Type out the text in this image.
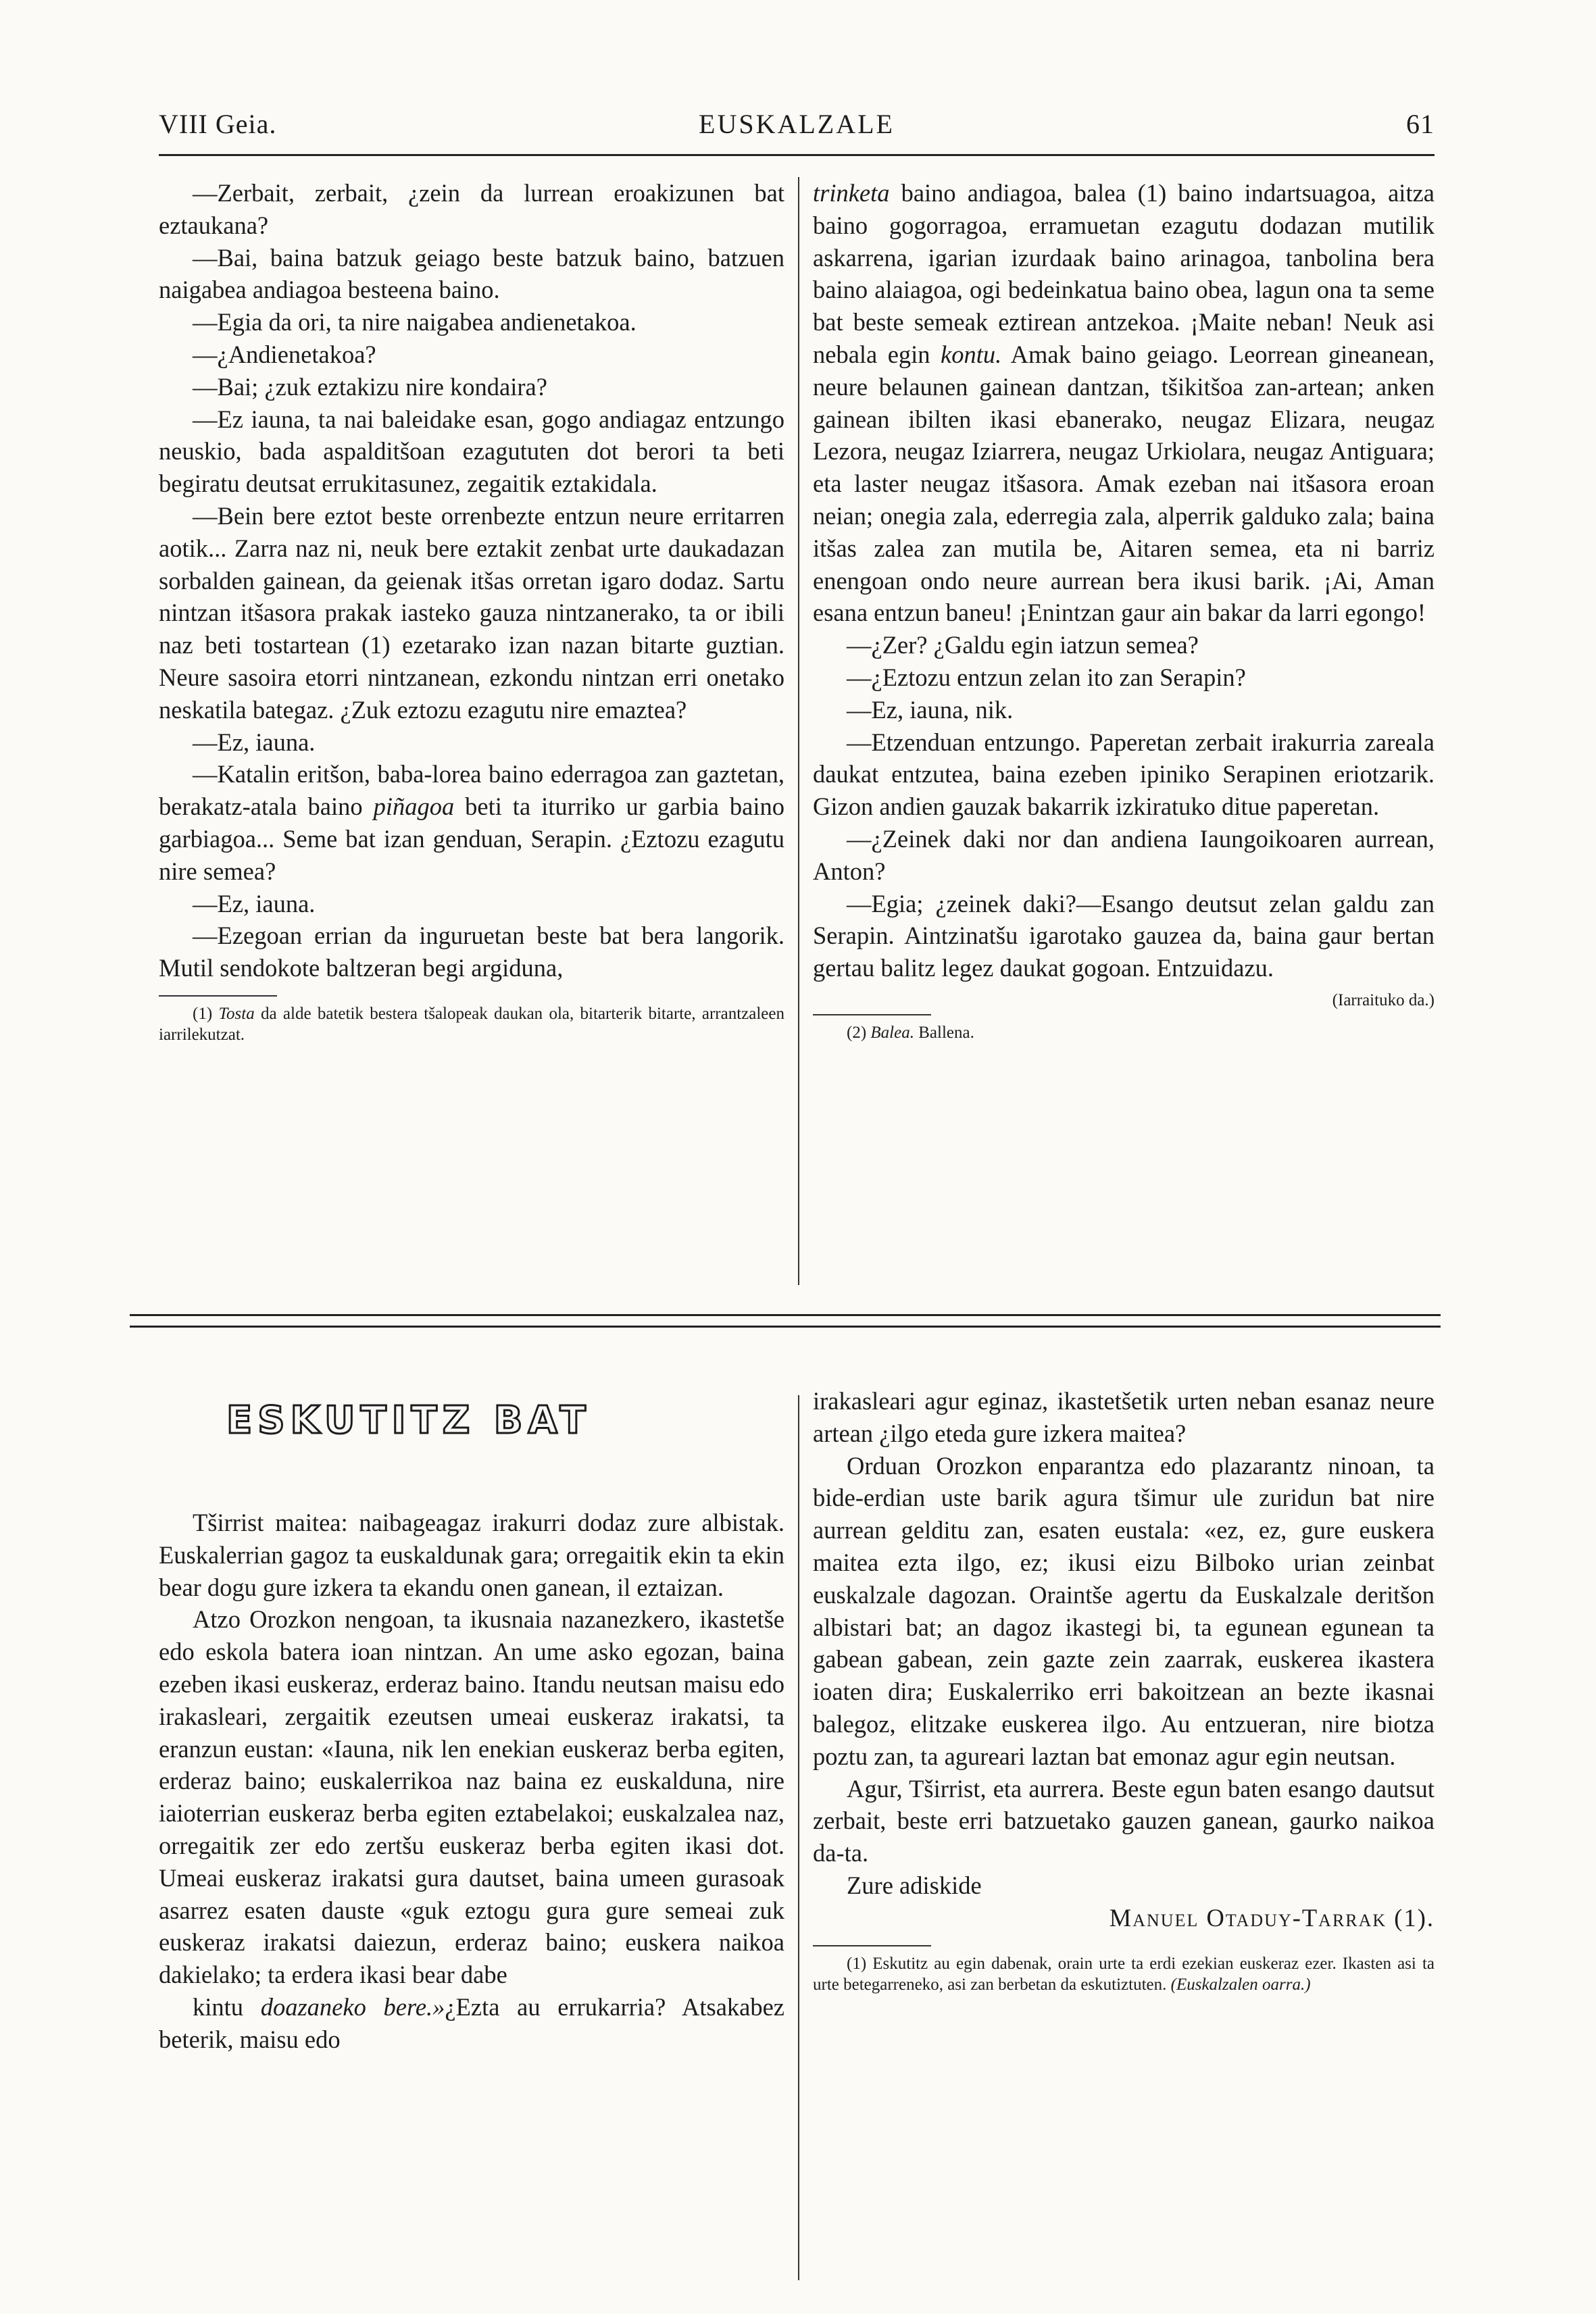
VIII Geia.	EUSKALZALE	61

—Zerbait, zerbait, ¿zein da lurrean eroakizunen bat eztaukana?

—Bai, baina batzuk geiago beste batzuk baino, batzuen naigabea andiagoa besteena baino.

—Egia da ori, ta nire naigabea andienetakoa.

—¿Andienetakoa?

—Bai; ¿zuk eztakizu nire kondaira?

—Ez iauna, ta nai baleidake esan, gogo andiagaz entzungo neuskio, bada aspalditšoan ezagututen dot berori ta beti begiratu deutsat errukitasunez, zegaitik eztakidala.

—Bein bere eztot beste orrenbezte entzun neure erritarren aotik... Zarra naz ni, neuk bere eztakit zenbat urte daukadazan sorbalden gainean, da geienak itšas orretan igaro dodaz. Sartu nintzan itšasora prakak iasteko gauza nintzanerako, ta or ibili naz beti tostartean (1) ezetarako izan nazan bitarte guztian. Neure sasoira etorri nintzanean, ezkondu nintzan erri onetako neskatila bategaz. ¿Zuk eztozu ezagutu nire emaztea?

—Ez, iauna.

—Katalin eritšon, baba-lorea baino ederragoa zan gaztetan, berakatz-atala baino piñagoa beti ta iturriko ur garbia baino garbiagoa... Seme bat izan genduan, Serapin. ¿Eztozu ezagutu nire semea?

—Ez, iauna.

—Ezegoan errian da inguruetan beste bat bera langorik. Mutil sendokote baltzeran begi argiduna,

(1) Tosta da alde batetik bestera tšalopeak daukan ola, bitarterik bitarte, arrantzaleen iarrilekutzat.

trinketa baino andiagoa, balea (1) baino indartsuagoa, aitza baino gogorragoa, erramuetan ezagutu dodazan mutilik askarrena, igarian izurdaak baino arinagoa, tanbolina bera baino alaiagoa, ogi bedeinkatua baino obea, lagun ona ta seme bat beste semeak eztirean antzekoa. ¡Maite neban! Neuk asi nebala egin kontu. Amak baino geiago. Leorrean gineanean, neure belaunen gainean dantzan, tšikitšoa zan-artean; anken gainean ibilten ikasi ebanerako, neugaz Elizara, neugaz Lezora, neugaz Iziarrera, neugaz Urkiolara, neugaz Antiguara; eta laster neugaz itšasora. Amak ezeban nai itšasora eroan neian; onegia zala, ederregia zala, alperrik galduko zala; baina itšas zalea zan mutila be, Aitaren semea, eta ni barriz enengoan ondo neure aurrean bera ikusi barik. ¡Ai, Aman esana entzun baneu! ¡Enintzan gaur ain bakar da larri egongo!

—¿Zer? ¿Galdu egin iatzun semea?

—¿Eztozu entzun zelan ito zan Serapin?

—Ez, iauna, nik.

—Etzenduan entzungo. Paperetan zerbait irakurria zareala daukat entzutea, baina ezeben ipiniko Serapinen eriotzarik. Gizon andien gauzak bakarrik izkiratuko ditue paperetan.

—¿Zeinek daki nor dan andiena Iaungoikoaren aurrean, Anton?

—Egia; ¿zeinek daki?—Esango deutsut zelan galdu zan Serapin. Aintzinatšu igarotako gauzea da, baina gaur bertan gertau balitz legez daukat gogoan. Entzuidazu.

(Iarraituko da.)

(2) Balea. Ballena.

ESKUTITZ BAT

Tširrist maitea: naibageagaz irakurri dodaz zure albistak. Euskalerrian gagoz ta euskaldunak gara; orregaitik ekin ta ekin bear dogu gure izkera ta ekandu onen ganean, il eztaizan.

Atzo Orozkon nengoan, ta ikusnaia nazanezkero, ikastetše edo eskola batera ioan nintzan. An ume asko egozan, baina ezeben ikasi euskeraz, erderaz baino. Itandu neutsan maisu edo irakasleari, zergaitik ezeutsen umeai euskeraz irakatsi, ta eranzun eustan: «Iauna, nik len enekian euskeraz berba egiten, erderaz baino; euskalerrikoa naz baina ez euskalduna, nire iaioterrian euskeraz berba egiten eztabelakoi; euskalzalea naz, orregaitik zer edo zertšu euskeraz berba egiten ikasi dot. Umeai euskeraz irakatsi gura dautset, baina umeen gurasoak asarrez esaten dauste «guk eztogu gura gure semeai zuk euskeraz irakatsi daiezun, erderaz baino; euskera naikoa dakielako; ta erdera ikasi bear dabe

kintu doazaneko bere.»¿Ezta au errukarria? Atsakabez beterik, maisu edo

irakasleari agur eginaz, ikastetšetik urten neban esanaz neure artean ¿ilgo eteda gure izkera maitea?

Orduan Orozkon enparantza edo plazarantz ninoan, ta bide-erdian uste barik agura tšimur ule zuridun bat nire aurrean gelditu zan, esaten eustala: «ez, ez, gure euskera maitea ezta ilgo, ez; ikusi eizu Bilboko urian zeinbat euskalzale dagozan. Oraintše agertu da Euskalzale deritšon albistari bat; an dagoz ikastegi bi, ta egunean egunean ta gabean gabean, zein gazte zein zaarrak, euskerea ikastera ioaten dira; Euskalerriko erri bakoitzean an bezte ikasnai balegoz, elitzake euskerea ilgo. Au entzueran, nire biotza poztu zan, ta agureari laztan bat emonaz agur egin neutsan.

Agur, Tširrist, eta aurrera. Beste egun baten esango dautsut zerbait, beste erri batzuetako gauzen ganean, gaurko naikoa da-ta.

Zure adiskide

Manuel Otaduy-Tarrak (1).

(1) Eskutitz au egin dabenak, orain urte ta erdi ezekian euskeraz ezer. Ikasten asi ta urte betegarreneko, asi zan berbetan da eskutiztuten. (Euskalzalen oarra.)
